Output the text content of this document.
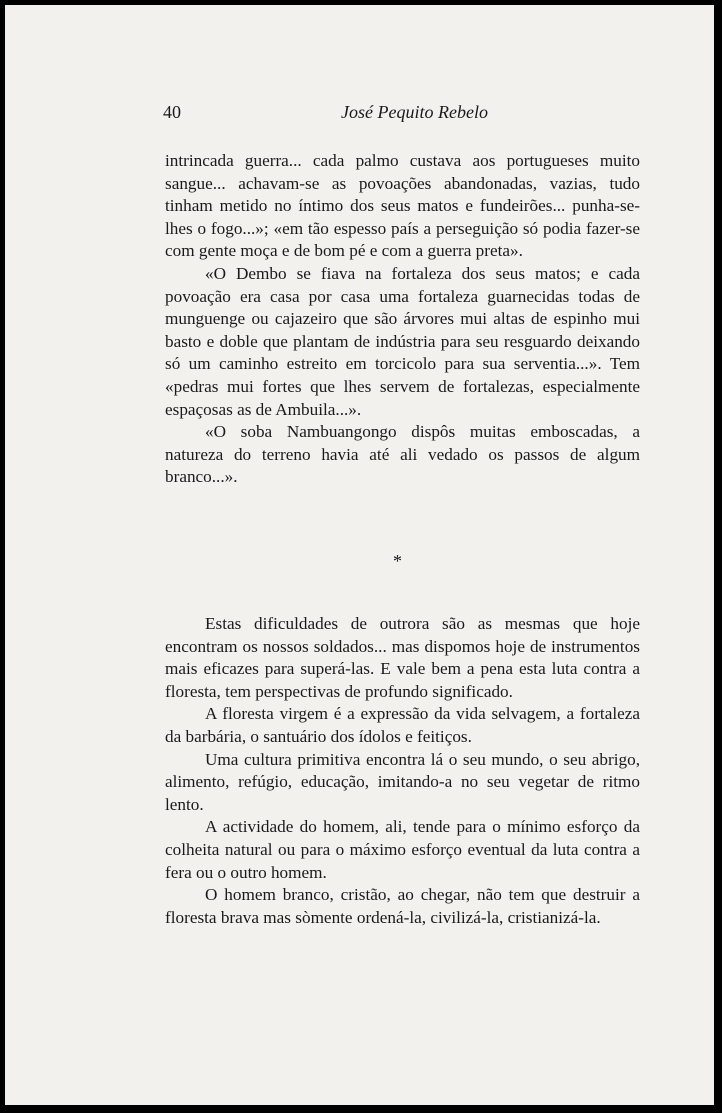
40	José Pequito Rebelo

intrincada guerra... cada palmo custava aos portugueses muito sangue... achavam-se as povoações abandonadas, vazias, tudo tinham metido no íntimo dos seus matos e fundeirões... punha-se-lhes o fogo...»; «em tão espesso país a perseguição só podia fazer-se com gente moça e de bom pé e com a guerra preta».

«O Dembo se fiava na fortaleza dos seus matos; e cada povoação era casa por casa uma fortaleza guarnecidas todas de munguenge ou cajazeiro que são árvores mui altas de espinho mui basto e doble que plantam de indústria para seu resguardo deixando só um caminho estreito em torcicolo para sua serventia...». Tem «pedras mui fortes que lhes servem de fortalezas, especialmente espaçosas as de Ambuila...».

«O soba Nambuangongo dispôs muitas emboscadas, a natureza do terreno havia até ali vedado os passos de algum branco...».

*

Estas dificuldades de outrora são as mesmas que hoje encontram os nossos soldados... mas dispomos hoje de instrumentos mais eficazes para superá-las. E vale bem a pena esta luta contra a floresta, tem perspectivas de profundo significado.

A floresta virgem é a expressão da vida selvagem, a fortaleza da barbária, o santuário dos ídolos e feitiços.

Uma cultura primitiva encontra lá o seu mundo, o seu abrigo, alimento, refúgio, educação, imitando-a no seu vegetar de ritmo lento.

A actividade do homem, ali, tende para o mínimo esforço da colheita natural ou para o máximo esforço eventual da luta contra a fera ou o outro homem.

O homem branco, cristão, ao chegar, não tem que destruir a floresta brava mas sòmente ordená-la, civilizá-la, cristianizá-la.
